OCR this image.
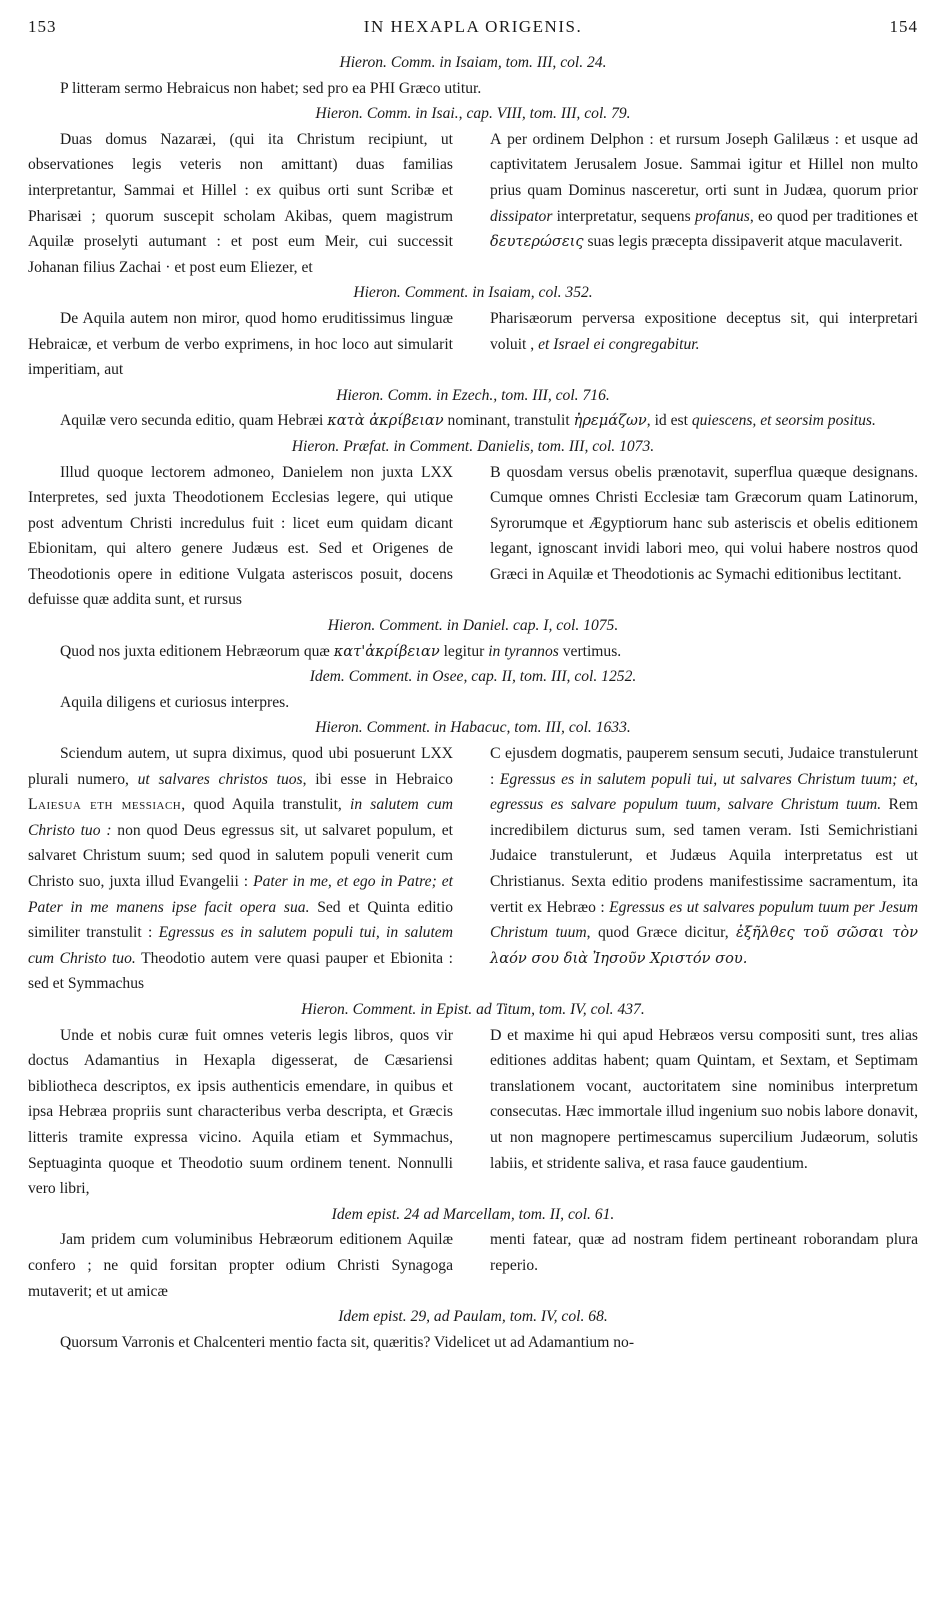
153	IN HEXAPLA ORIGENIS.	154
Hieron. Comm. in Isaiam, tom. III, col. 24.

P litteram sermo Hebraicus non habet; sed pro ea PHI Græco utitur.

Hieron. Comm. in Isai., cap. VIII, tom. III, col. 79.

Duas domus Nazaræi, (qui ita Christum recipiunt, ut observationes legis veteris non amittant) duas familias interpretantur, Sammai et Hillel : ex quibus orti sunt Scribæ et Pharisæi ; quorum suscepit scholam Akibas, quem magistrum Aquilæ proselyti autumant : et post eum Meir, cui successit Johanan filius Zachai · et post eum Eliezer, et

A per ordinem Delphon : et rursum Joseph Galilæus : et usque ad captivitatem Jerusalem Josue. Sammai igitur et Hillel non multo prius quam Dominus nasceretur, orti sunt in Judæa, quorum prior dissipator interpretatur, sequens profanus, eo quod per traditiones et δευτερώσεις suas legis præcepta dissipaverit atque maculaverit.

Hieron. Comment. in Isaiam, col. 352.

De Aquila autem non miror, quod homo eruditissimus linguæ Hebraicæ, et verbum de verbo exprimens, in hoc loco aut simularit imperitiam, aut

Pharisæorum perversa expositione deceptus sit, qui interpretari voluit , et Israel ei congregabitur.

Hieron. Comm. in Ezech., tom. III, col. 716.

Aquilæ vero secunda editio, quam Hebræi κατὰ ἀκρίβειαν nominant, transtulit ἠρεμάζων, id est quiescens, et seorsim positus.

Hieron. Præfat. in Comment. Danielis, tom. III, col. 1073.

Illud quoque lectorem admoneo, Danielem non juxta LXX Interpretes, sed juxta Theodotionem Ecclesias legere, qui utique post adventum Christi incredulus fuit : licet eum quidam dicant Ebionitam, qui altero genere Judæus est. Sed et Origenes de Theodotionis opere in editione Vulgata asteriscos posuit, docens defuisse quæ addita sunt, et rursus

B quosdam versus obelis prænotavit, superflua quæque designans. Cumque omnes Christi Ecclesiæ tam Græcorum quam Latinorum, Syrorumque et Ægyptiorum hanc sub asteriscis et obelis editionem legant, ignoscant invidi labori meo, qui volui habere nostros quod Græci in Aquilæ et Theodotionis ac Symachi editionibus lectitant.

Hieron. Comment. in Daniel. cap. I, col. 1075.

Quod nos juxta editionem Hebræorum quæ κατ'ἀκρίβειαν legitur in tyrannos vertimus.

Idem. Comment. in Osee, cap. II, tom. III, col. 1252.

Aquila diligens et curiosus interpres.

Hieron. Comment. in Habacuc, tom. III, col. 1633.

Sciendum autem, ut supra diximus, quod ubi posuerunt LXX plurali numero, ut salvares christos tuos, ibi esse in Hebraico Laiesua eth messiach, quod Aquila transtulit, in salutem cum Christo tuo : non quod Deus egressus sit, ut salvaret populum, et salvaret Christum suum; sed quod in salutem populi venerit cum Christo suo, juxta illud Evangelii : Pater in me, et ego in Patre; et Pater in me manens ipse facit opera sua. Sed et Quinta editio similiter transtulit : Egressus es in salutem populi tui, in salutem cum Christo tuo. Theodotio autem vere quasi pauper et Ebionita : sed et Symmachus

C ejusdem dogmatis, pauperem sensum secuti, Judaice transtulerunt : Egressus es in salutem populi tui, ut salvares Christum tuum; et, egressus es salvare populum tuum, salvare Christum tuum. Rem incredibilem dicturus sum, sed tamen veram. Isti Semichristiani Judaice transtulerunt, et Judæus Aquila interpretatus est ut Christianus. Sexta editio prodens manifestissime sacramentum, ita vertit ex Hebræo : Egressus es ut salvares populum tuum per Jesum Christum tuum, quod Græce dicitur, ἐξῆλθες τοῦ σῶσαι τὸν λαόν σου διὰ Ἰησοῦν Χριστόν σου.

Hieron. Comment. in Epist. ad Titum, tom. IV, col. 437.

Unde et nobis curæ fuit omnes veteris legis libros, quos vir doctus Adamantius in Hexapla digesserat, de Cæsariensi bibliotheca descriptos, ex ipsis authenticis emendare, in quibus et ipsa Hebræa propriis sunt characteribus verba descripta, et Græcis litteris tramite expressa vicino. Aquila etiam et Symmachus, Septuaginta quoque et Theodotio suum ordinem tenent. Nonnulli vero libri,

D et maxime hi qui apud Hebræos versu compositi sunt, tres alias editiones additas habent; quam Quintam, et Sextam, et Septimam translationem vocant, auctoritatem sine nominibus interpretum consecutas. Hæc immortale illud ingenium suo nobis labore donavit, ut non magnopere pertimescamus supercilium Judæorum, solutis labiis, et stridente saliva, et rasa fauce gaudentium.

Idem epist. 24 ad Marcellam, tom. II, col. 61.

Jam pridem cum voluminibus Hebræorum editionem Aquilæ confero ; ne quid forsitan propter odium Christi Synagoga mutaverit; et ut amicæ

menti fatear, quæ ad nostram fidem pertineant roborandam plura reperio.

Idem epist. 29, ad Paulam, tom. IV, col. 68.

Quorsum Varronis et Chalcenteri mentio facta sit, quæritis? Videlicet ut ad Adamantium no-
